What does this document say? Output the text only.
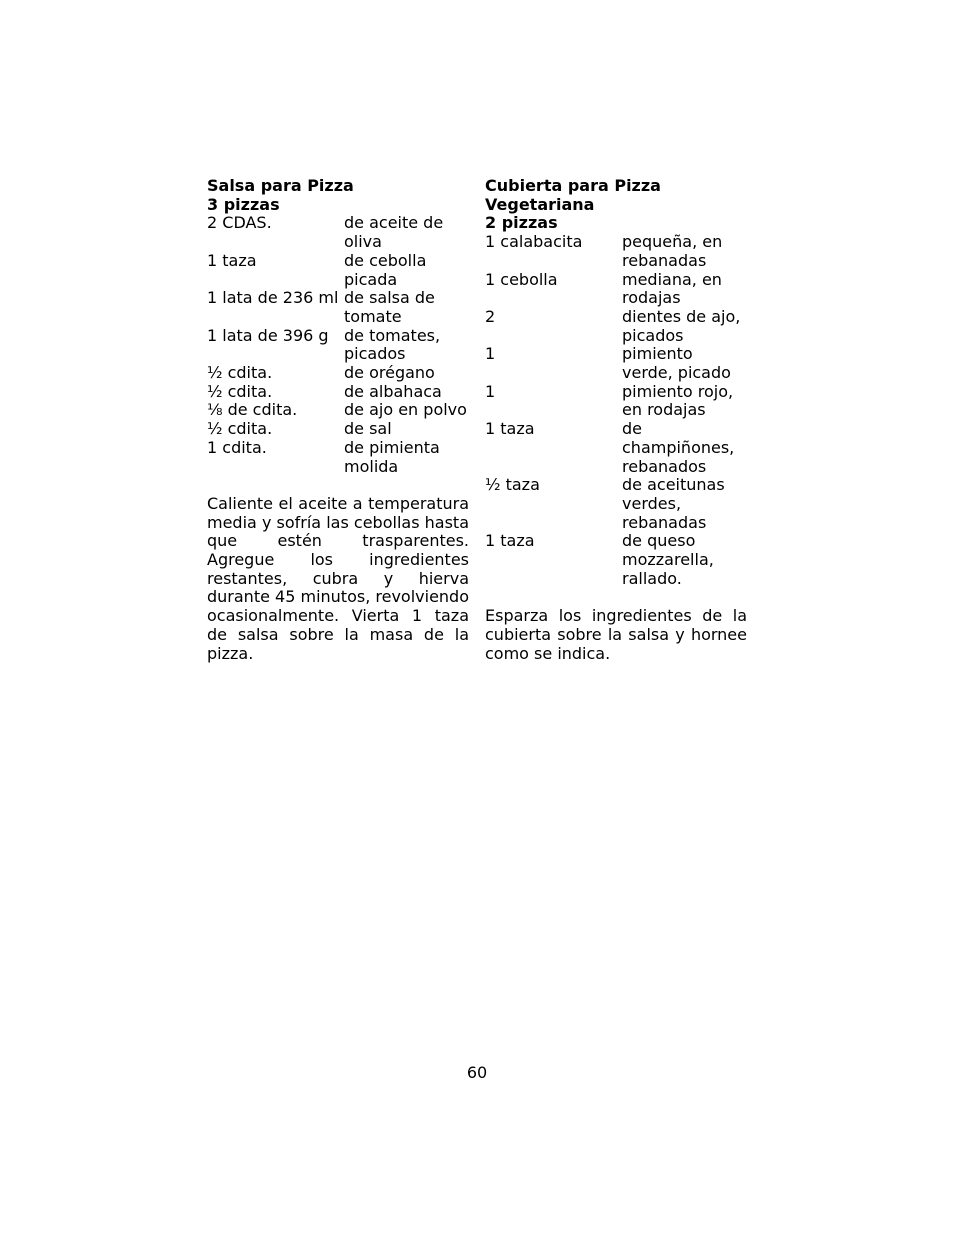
Salsa para Pizza
3 pizzas
2 CDAS.	de aceite de oliva
1 taza	de cebolla picada
1 lata de 236 ml	de salsa de tomate
1 lata de 396 g	de tomates, picados
½ cdita.	de orégano
½ cdita.	de albahaca
⅛ de cdita.	de ajo en polvo
½ cdita.	de sal
1 cdita.	de pimienta molida

Caliente el aceite a temperatura media y sofría las cebollas hasta que estén trasparentes. Agregue los ingredientes restantes, cubra y hierva durante 45 minutos, revolviendo ocasionalmente. Vierta 1 taza de salsa sobre la masa de la pizza.

Cubierta para Pizza Vegetariana
2 pizzas
1 calabacita	pequeña, en rebanadas
1 cebolla	mediana, en rodajas
2	dientes de ajo, picados
1	pimiento verde, picado
1	pimiento rojo, en rodajas
1 taza	de champiñones, rebanados
½ taza	de aceitunas verdes, rebanadas
1 taza	de queso mozzarella, rallado.

Esparza los ingredientes de la cubierta sobre la salsa y hornee como se indica.

60
